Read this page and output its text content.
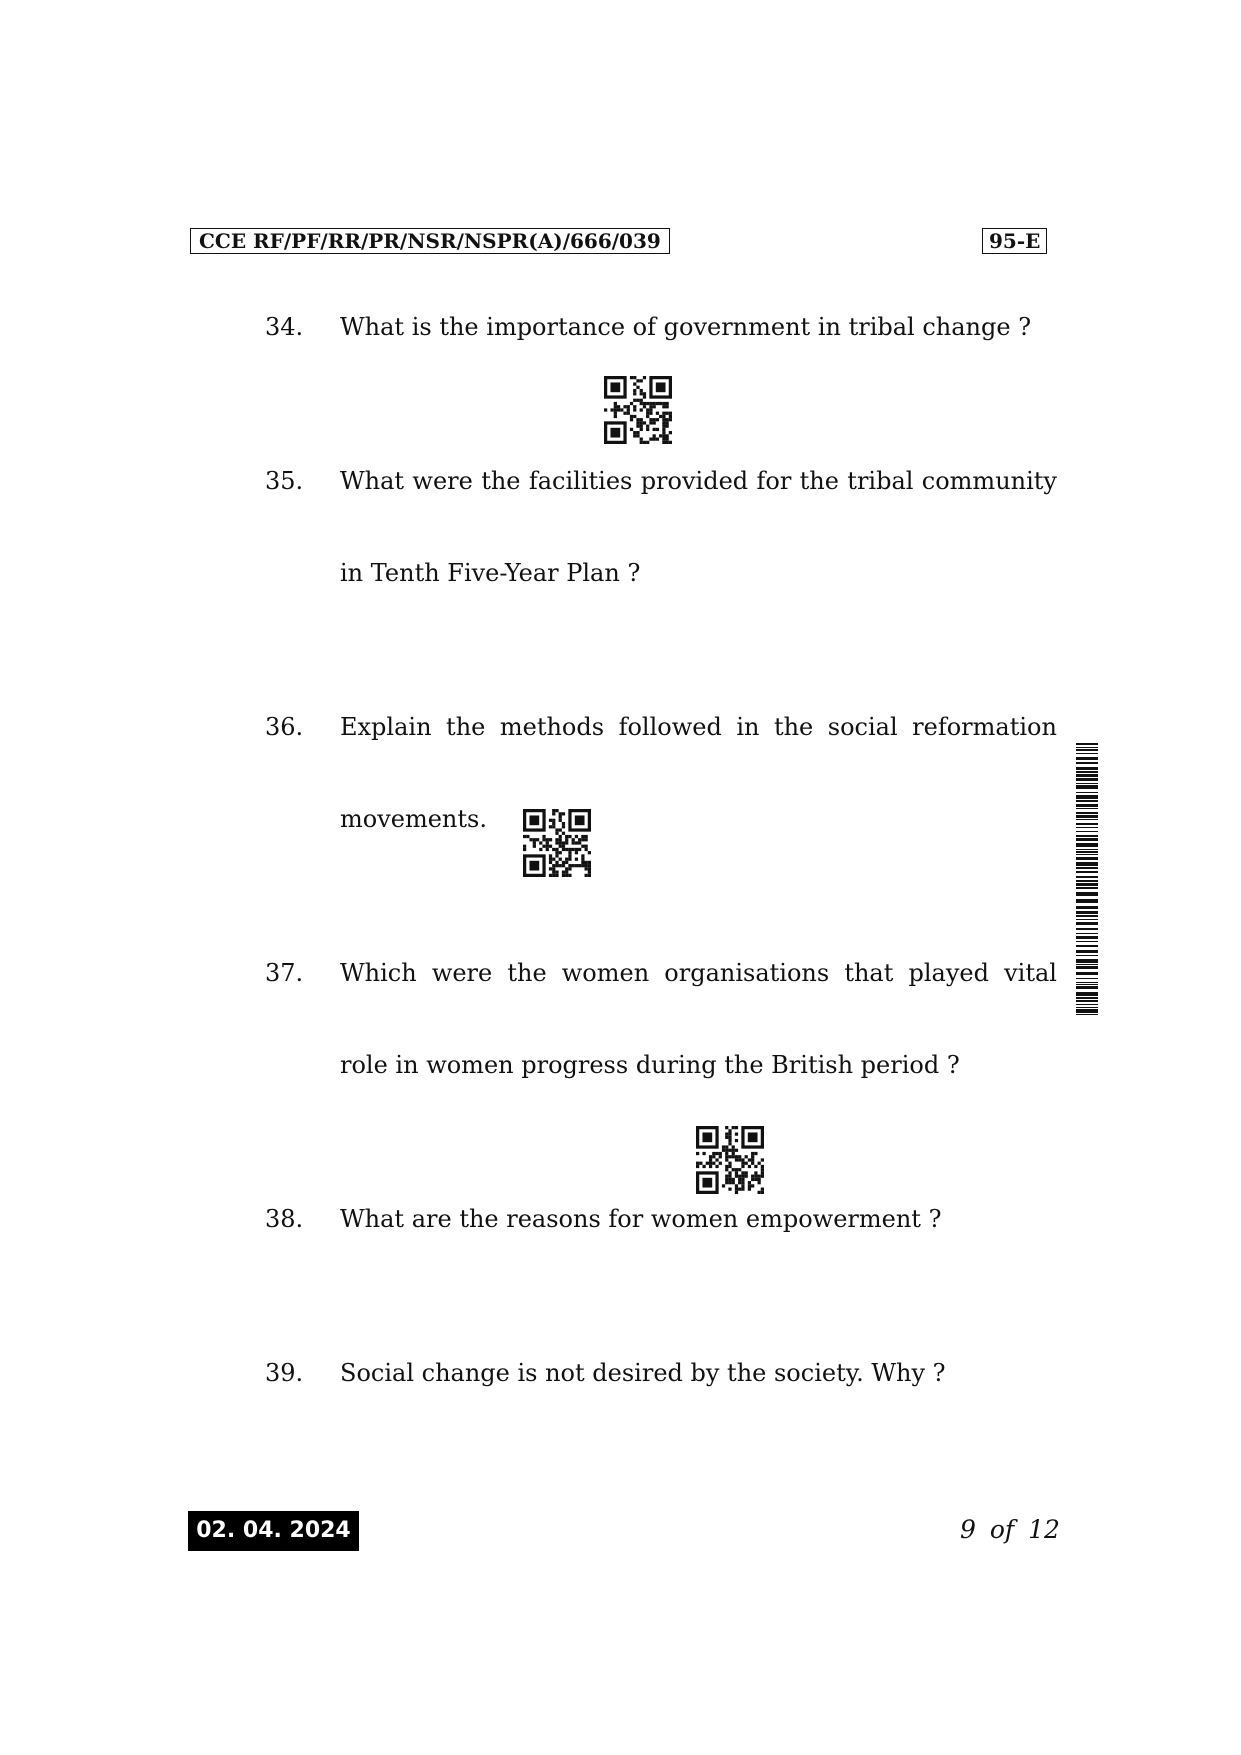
CCE RF/PF/RR/PR/NSR/NSPR(A)/666/039	95-E
34. What is the importance of government in tribal change ?
35. What were the facilities provided for the tribal community
in Tenth Five-Year Plan ?
36. Explain the methods followed in the social reformation
movements.
37. Which were the women organisations that played vital
role in women progress during the British period ?
38. What are the reasons for women empowerment ?
39. Social change is not desired by the society. Why ?
02. 04. 2024	9 of 12
